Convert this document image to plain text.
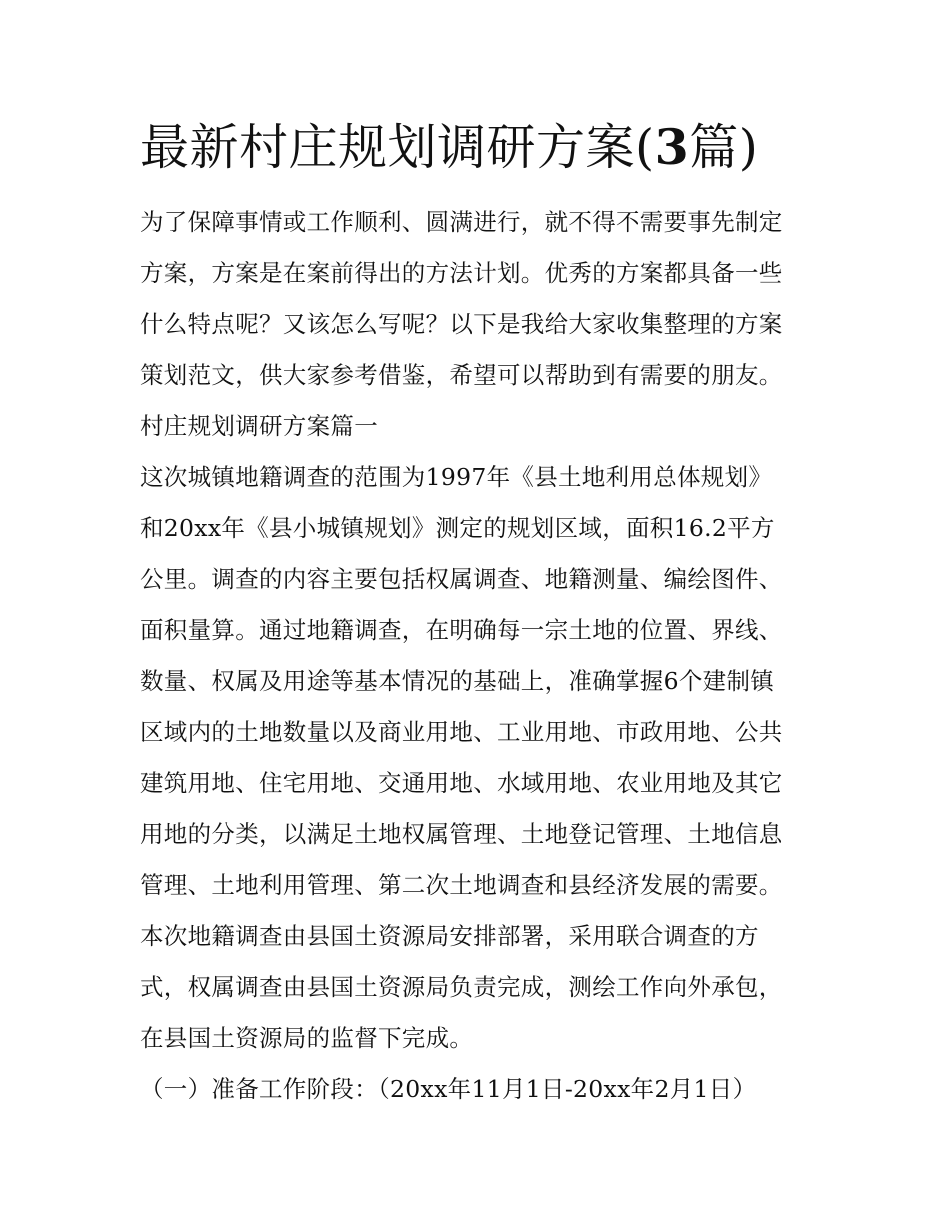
最新村庄规划调研方案(3篇)
为了保障事情或工作顺利、圆满进行，就不得不需要事先制定
方案，方案是在案前得出的方法计划。优秀的方案都具备一些
什么特点呢？又该怎么写呢？以下是我给大家收集整理的方案
策划范文，供大家参考借鉴，希望可以帮助到有需要的朋友。
村庄规划调研方案篇一
这次城镇地籍调查的范围为1997年《县土地利用总体规划》
和20xx年《县小城镇规划》测定的规划区域，面积16.2平方
公里。调查的内容主要包括权属调查、地籍测量、编绘图件、
面积量算。通过地籍调查，在明确每一宗土地的位置、界线、
数量、权属及用途等基本情况的基础上，准确掌握6个建制镇
区域内的土地数量以及商业用地、工业用地、市政用地、公共
建筑用地、住宅用地、交通用地、水域用地、农业用地及其它
用地的分类，以满足土地权属管理、土地登记管理、土地信息
管理、土地利用管理、第二次土地调查和县经济发展的需要。
本次地籍调查由县国土资源局安排部署，采用联合调查的方
式，权属调查由县国土资源局负责完成，测绘工作向外承包，
在县国土资源局的监督下完成。
（一）准备工作阶段：（20xx年11月1日-20xx年2月1日）
